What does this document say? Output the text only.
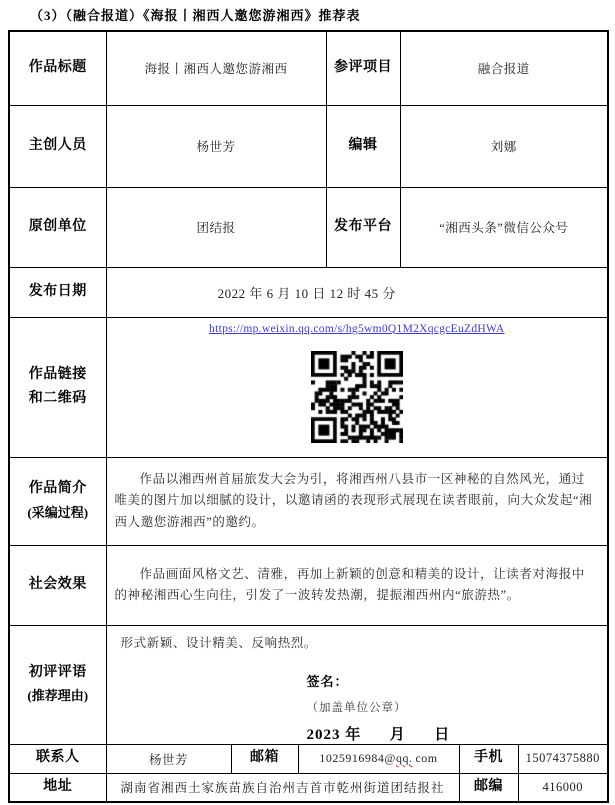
（3）（融合报道）《海报丨湘西人邀您游湘西》推荐表
作品标题	海报丨湘西人邀您游湘西			参评项目	融合报道		
主创人员	杨世芳			编辑	刘娜		
原创单位	团结报			发布平台	“湘西头条”微信公众号		
发布日期	2022 年 6 月 10 日 12 时 45 分						

作品链接
和二维码	https://mp.weixin.qq.com/s/hg5wm0Q1M2XqcgcEuZdHWA						

作品简介
(采编过程)	作品以湘西州首届旅发大会为引，将湘西州八县市一区神秘的自然风光，通过唯美的图片加以细腻的设计，以邀请函的表现形式展现在读者眼前，向大众发起“湘西人邀您游湘西”的邀约。						

社会效果	作品画面风格文艺、清雅，再加上新颖的创意和精美的设计，让读者对海报中的神秘湘西心生向往，引发了一波转发热潮，提振湘西州内“旅游热”。						

初评评语
(推荐理由)

形式新颖、设计精美、反响热烈。
签名：
（加盖单位公章）
2023 年      月      日

联系人	杨世芳	邮箱	1025916984@qq. com			手机	15074375880
地址	湖南省湘西土家族苗族自治州吉首市乾州街道团结报社					邮编	416000
